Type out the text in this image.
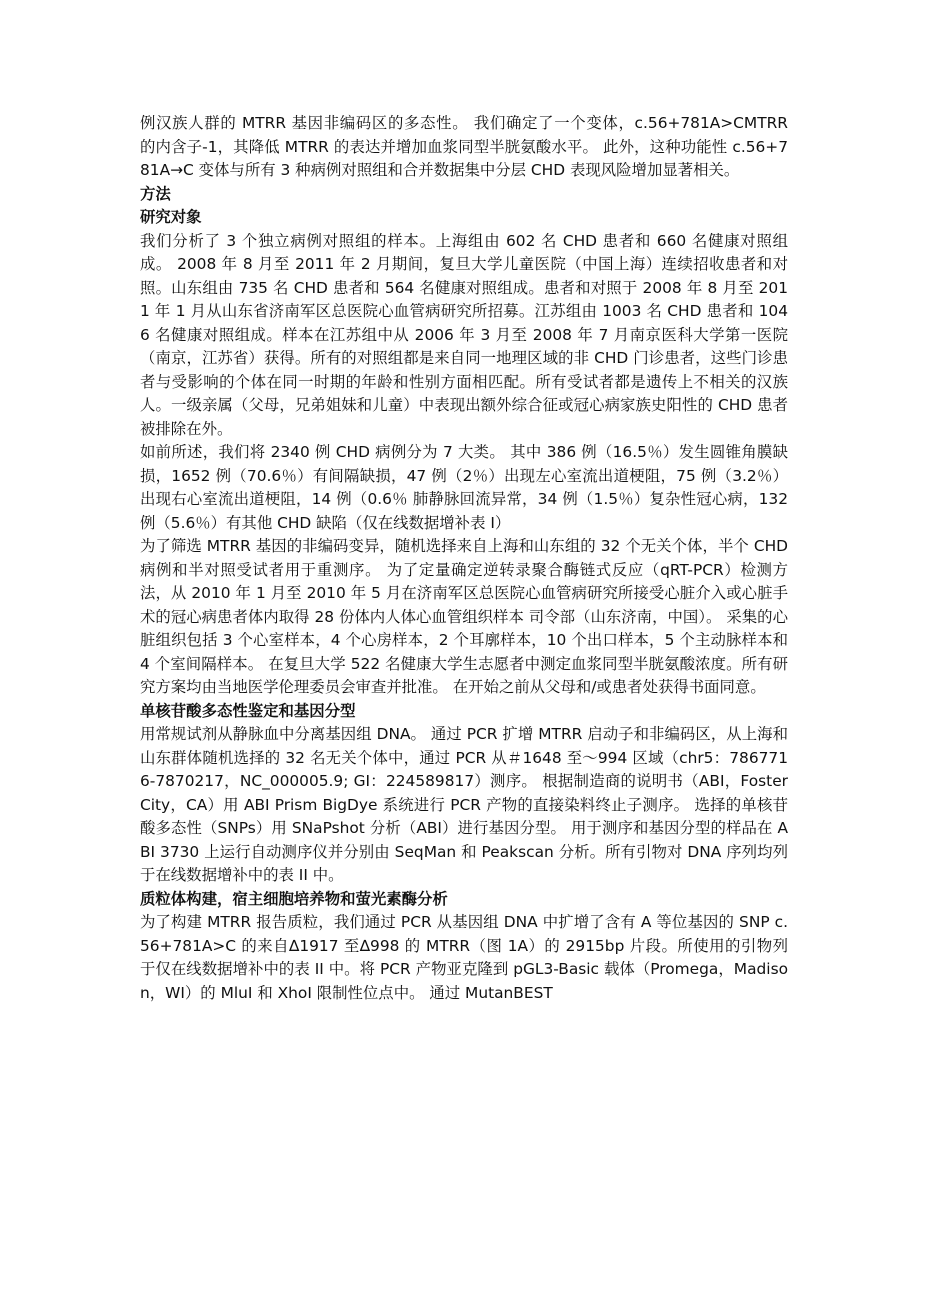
例汉族人群的 MTRR 基因非编码区的多态性。 我们确定了一个变体，c.56+781A>CMTRR 的内含子-1，其降低 MTRR 的表达并增加血浆同型半胱氨酸水平。 此外，这种功能性 c.56+781A→C 变体与所有 3 种病例对照组和合并数据集中分层 CHD 表现风险增加显著相关。

方法
研究对象

我们分析了 3 个独立病例对照组的样本。上海组由 602 名 CHD 患者和 660 名健康对照组成。 2008 年 8 月至 2011 年 2 月期间，复旦大学儿童医院（中国上海）连续招收患者和对照。山东组由 735 名 CHD 患者和 564 名健康对照组成。患者和对照于 2008 年 8 月至 2011 年 1 月从山东省济南军区总医院心血管病研究所招募。江苏组由 1003 名 CHD 患者和 1046 名健康对照组成。样本在江苏组中从 2006 年 3 月至 2008 年 7 月南京医科大学第一医院（南京，江苏省）获得。所有的对照组都是来自同一地理区域的非 CHD 门诊患者，这些门诊患者与受影响的个体在同一时期的年龄和性别方面相匹配。所有受试者都是遗传上不相关的汉族人。一级亲属（父母，兄弟姐妹和儿童）中表现出额外综合征或冠心病家族史阳性的 CHD 患者被排除在外。

如前所述，我们将 2340 例 CHD 病例分为 7 大类。 其中 386 例（16.5％）发生圆锥角膜缺损，1652 例（70.6％）有间隔缺损，47 例（2％）出现左心室流出道梗阻，75 例（3.2％）出现右心室流出道梗阻，14 例（0.6％ 肺静脉回流异常，34 例（1.5％）复杂性冠心病，132 例（5.6％）有其他 CHD 缺陷（仅在线数据增补表 I）

为了筛选 MTRR 基因的非编码变异，随机选择来自上海和山东组的 32 个无关个体，半个 CHD 病例和半对照受试者用于重测序。 为了定量确定逆转录聚合酶链式反应（qRT-PCR）检测方法，从 2010 年 1 月至 2010 年 5 月在济南军区总医院心血管病研究所接受心脏介入或心脏手术的冠心病患者体内取得 28 份体内人体心血管组织样本 司令部（山东济南，中国）。 采集的心脏组织包括 3 个心室样本，4 个心房样本，2 个耳廓样本，10 个出口样本，5 个主动脉样本和 4 个室间隔样本。 在复旦大学 522 名健康大学生志愿者中测定血浆同型半胱氨酸浓度。所有研究方案均由当地医学伦理委员会审查并批准。 在开始之前从父母和/或患者处获得书面同意。

单核苷酸多态性鉴定和基因分型

用常规试剂从静脉血中分离基因组 DNA。 通过 PCR 扩增 MTRR 启动子和非编码区，从上海和山东群体随机选择的 32 名无关个体中，通过 PCR 从＃1648 至～994 区域（chr5：7867716-7870217，NC_000005.9; GI：224589817）测序。 根据制造商的说明书（ABI，Foster City，CA）用 ABI Prism BigDye 系统进行 PCR 产物的直接染料终止子测序。 选择的单核苷酸多态性（SNPs）用 SNaPshot 分析（ABI）进行基因分型。 用于测序和基因分型的样品在 ABI 3730 上运行自动测序仪并分别由 SeqMan 和 Peakscan 分析。所有引物对 DNA 序列均列于在线数据增补中的表 II 中。

质粒体构建，宿主细胞培养物和萤光素酶分析

为了构建 MTRR 报告质粒，我们通过 PCR 从基因组 DNA 中扩增了含有 A 等位基因的 SNP c.56+781A>C 的来自∆1917 至∆998 的 MTRR（图 1A）的 2915bp 片段。所使用的引物列于仅在线数据增补中的表 II 中。将 PCR 产物亚克隆到 pGL3-Basic 载体（Promega，Madison，WI）的 MluI 和 XhoI 限制性位点中。 通过 MutanBEST
